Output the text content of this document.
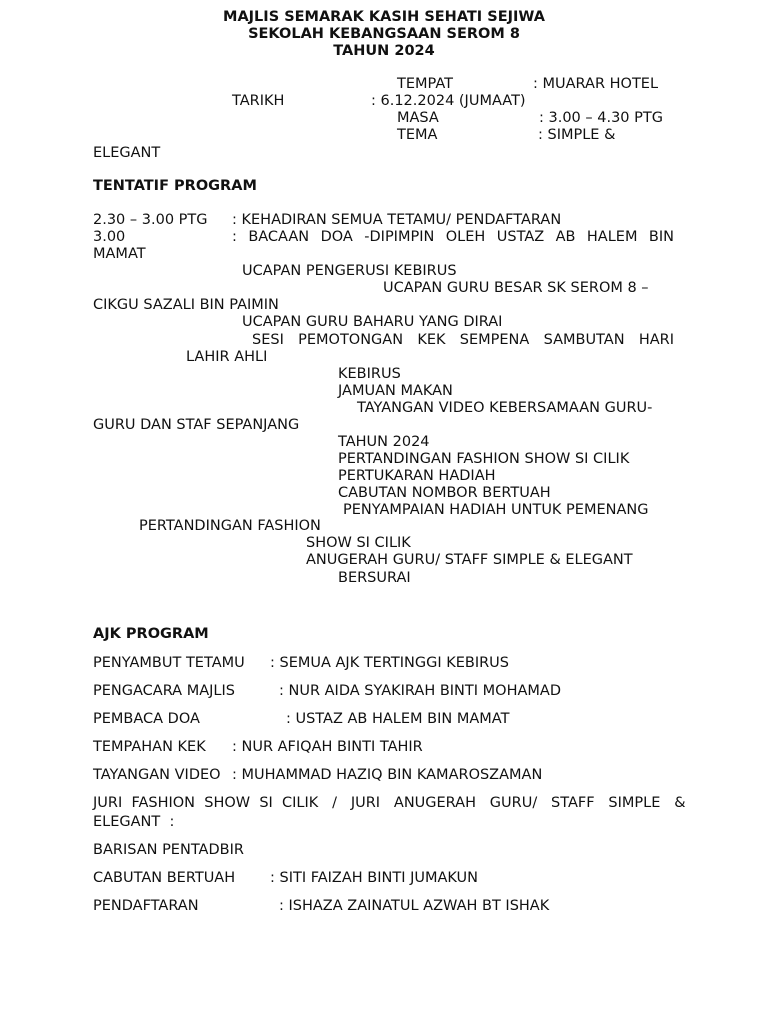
MAJLIS SEMARAK KASIH SEHATI SEJIWA
SEKOLAH KEBANGSAAN SEROM 8
TAHUN 2024
TEMPAT	: MUARAR HOTEL
TARIKH	: 6.12.2024 (JUMAAT)
MASA	: 3.00 – 4.30 PTG
TEMA	: SIMPLE &
ELEGANT
TENTATIF PROGRAM
2.30 – 3.00 PTG : KEHADIRAN SEMUA TETAMU/ PENDAFTARAN
3.00	:  BACAAN  DOA  -DIPIMPIN  OLEH  USTAZ  AB  HALEM  BIN
MAMAT
UCAPAN PENGERUSI KEBIRUS
UCAPAN GURU BESAR SK SEROM 8 –
CIKGU SAZALI BIN PAIMIN
UCAPAN GURU BAHARU YANG DIRAI
SESI  PEMOTONGAN  KEK  SEMPENA  SAMBUTAN  HARI
LAHIR AHLI
KEBIRUS
JAMUAN MAKAN
TAYANGAN VIDEO KEBERSAMAAN GURU-
GURU DAN STAF SEPANJANG
TAHUN 2024
PERTANDINGAN FASHION SHOW SI CILIK
PERTUKARAN HADIAH
CABUTAN NOMBOR BERTUAH
PENYAMPAIAN HADIAH UNTUK PEMENANG
PERTANDINGAN FASHION
SHOW SI CILIK
ANUGERAH GURU/ STAFF SIMPLE & ELEGANT
BERSURAI
AJK PROGRAM
PENYAMBUT TETAMU : SEMUA AJK TERTINGGI KEBIRUS
PENGACARA MAJLIS	: NUR AIDA SYAKIRAH BINTI MOHAMAD
PEMBACA DOA	: USTAZ AB HALEM BIN MAMAT
TEMPAHAN KEK : NUR AFIQAH BINTI TAHIR
TAYANGAN VIDEO : MUHAMMAD HAZIQ BIN KAMAROSZAMAN
JURI  FASHION  SHOW  SI  CILIK   /   JURI   ANUGERAH   GURU/   STAFF   SIMPLE   &
ELEGANT  :
BARISAN PENTADBIR
CABUTAN BERTUAH : SITI FAIZAH BINTI JUMAKUN
PENDAFTARAN	: ISHAZA ZAINATUL AZWAH BT ISHAK
